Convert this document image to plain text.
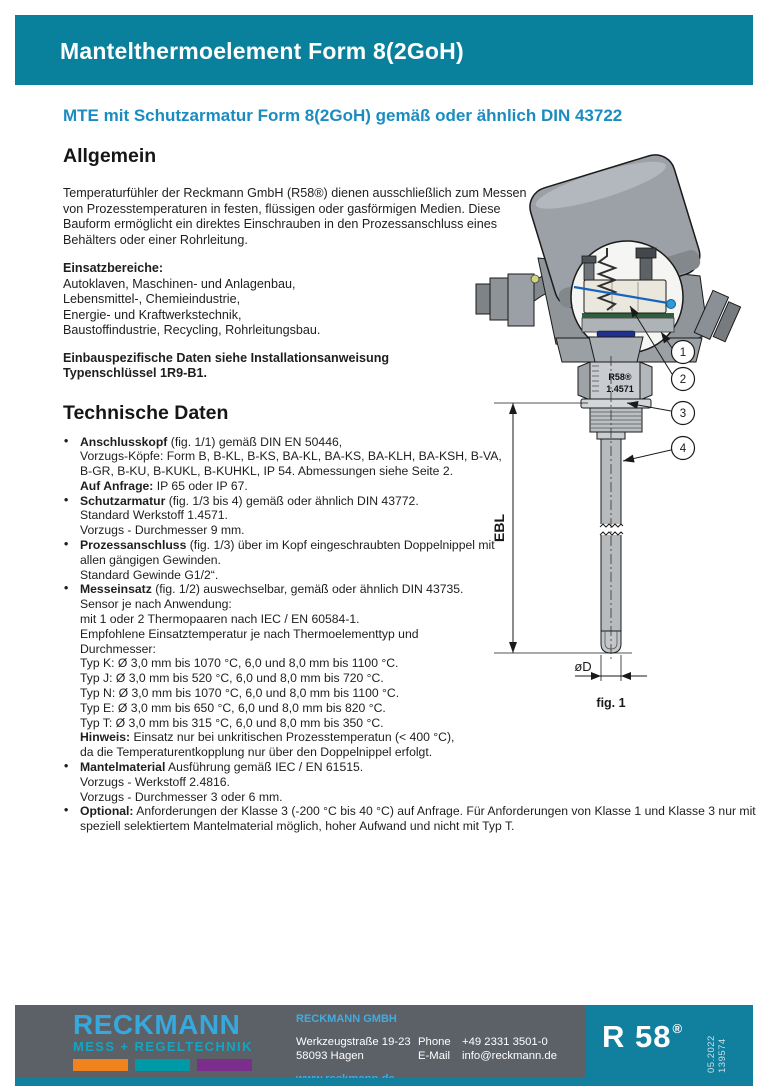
Mantelthermoelement Form 8(2GoH)
MTE mit Schutzarmatur Form 8(2GoH) gemäß oder ähnlich DIN 43722
Allgemein
Temperaturfühler der Reckmann GmbH (R58®) dienen ausschließlich zum Messen
von Prozesstemperaturen in festen, flüssigen oder gasförmigen Medien. Diese
Bauform ermöglicht ein direktes Einschrauben in den Prozessanschluss eines
Behälters oder einer Rohrleitung.
Einsatzbereiche:
Autoklaven, Maschinen- und Anlagenbau,
Lebensmittel-, Chemieindustrie,
Energie- und Kraftwerkstechnik,
Baustoffindustrie, Recycling, Rohrleitungsbau.
Einbauspezifische Daten siehe Installationsanweisung
Typenschlüssel 1R9-B1.
Technische Daten
• Anschlusskopf (fig. 1/1) gemäß DIN EN 50446,
Vorzugs-Köpfe: Form B, B-KL, B-KS, BA-KL, BA-KS, BA-KLH, BA-KSH, B-VA,
B-GR, B-KU, B-KUKL, B-KUHKL, IP 54. Abmessungen siehe Seite 2.
Auf Anfrage: IP 65 oder IP 67.
• Schutzarmatur (fig. 1/3 bis 4) gemäß oder ähnlich DIN 43772.
Standard Werkstoff 1.4571.
Vorzugs - Durchmesser 9 mm.
• Prozessanschluss (fig. 1/3) über im Kopf eingeschraubten Doppelnippel mit
allen gängigen Gewinden.
Standard Gewinde G1/2“.
• Messeinsatz (fig. 1/2) auswechselbar, gemäß oder ähnlich DIN 43735.
Sensor je nach Anwendung:
mit 1 oder 2 Thermopaaren nach IEC / EN 60584-1.
Empfohlene Einsatztemperatur je nach Thermoelementtyp und
Durchmesser:
Typ K: Ø 3,0 mm bis 1070 °C, 6,0 und 8,0 mm bis 1100 °C.
Typ J: Ø 3,0 mm bis 520 °C, 6,0 und 8,0 mm bis 720 °C.
Typ N: Ø 3,0 mm bis 1070 °C, 6,0 und 8,0 mm bis 1100 °C.
Typ E: Ø 3,0 mm bis 650 °C, 6,0 und 8,0 mm bis 820 °C.
Typ T: Ø 3,0 mm bis 315 °C, 6,0 und 8,0 mm bis 350 °C.
Hinweis: Einsatz nur bei unkritischen Prozesstemperatun (< 400 °C),
da die Temperaturentkopplung nur über den Doppelnippel erfolgt.
• Mantelmaterial Ausführung gemäß IEC / EN 61515.
Vorzugs - Werkstoff 2.4816.
Vorzugs - Durchmesser 3 oder 6 mm.
• Optional: Anforderungen der Klasse 3 (-200 °C bis 40 °C) auf Anfrage. Für Anforderungen von Klasse 1 und Klasse 3 nur mit speziell selektiertem Mantelmaterial möglich, hoher Aufwand und nicht mit Typ T.
R58®
1.4571
EBL
øD
fig. 1
1
2
3
4
RECKMANN
MESS + REGELTECHNIK
RECKMANN GMBH
Werkzeugstraße 19-23
58093 Hagen
Phone
E-Mail
+49 2331 3501-0
info@reckmann.de
R 58®
05.2022 139574
